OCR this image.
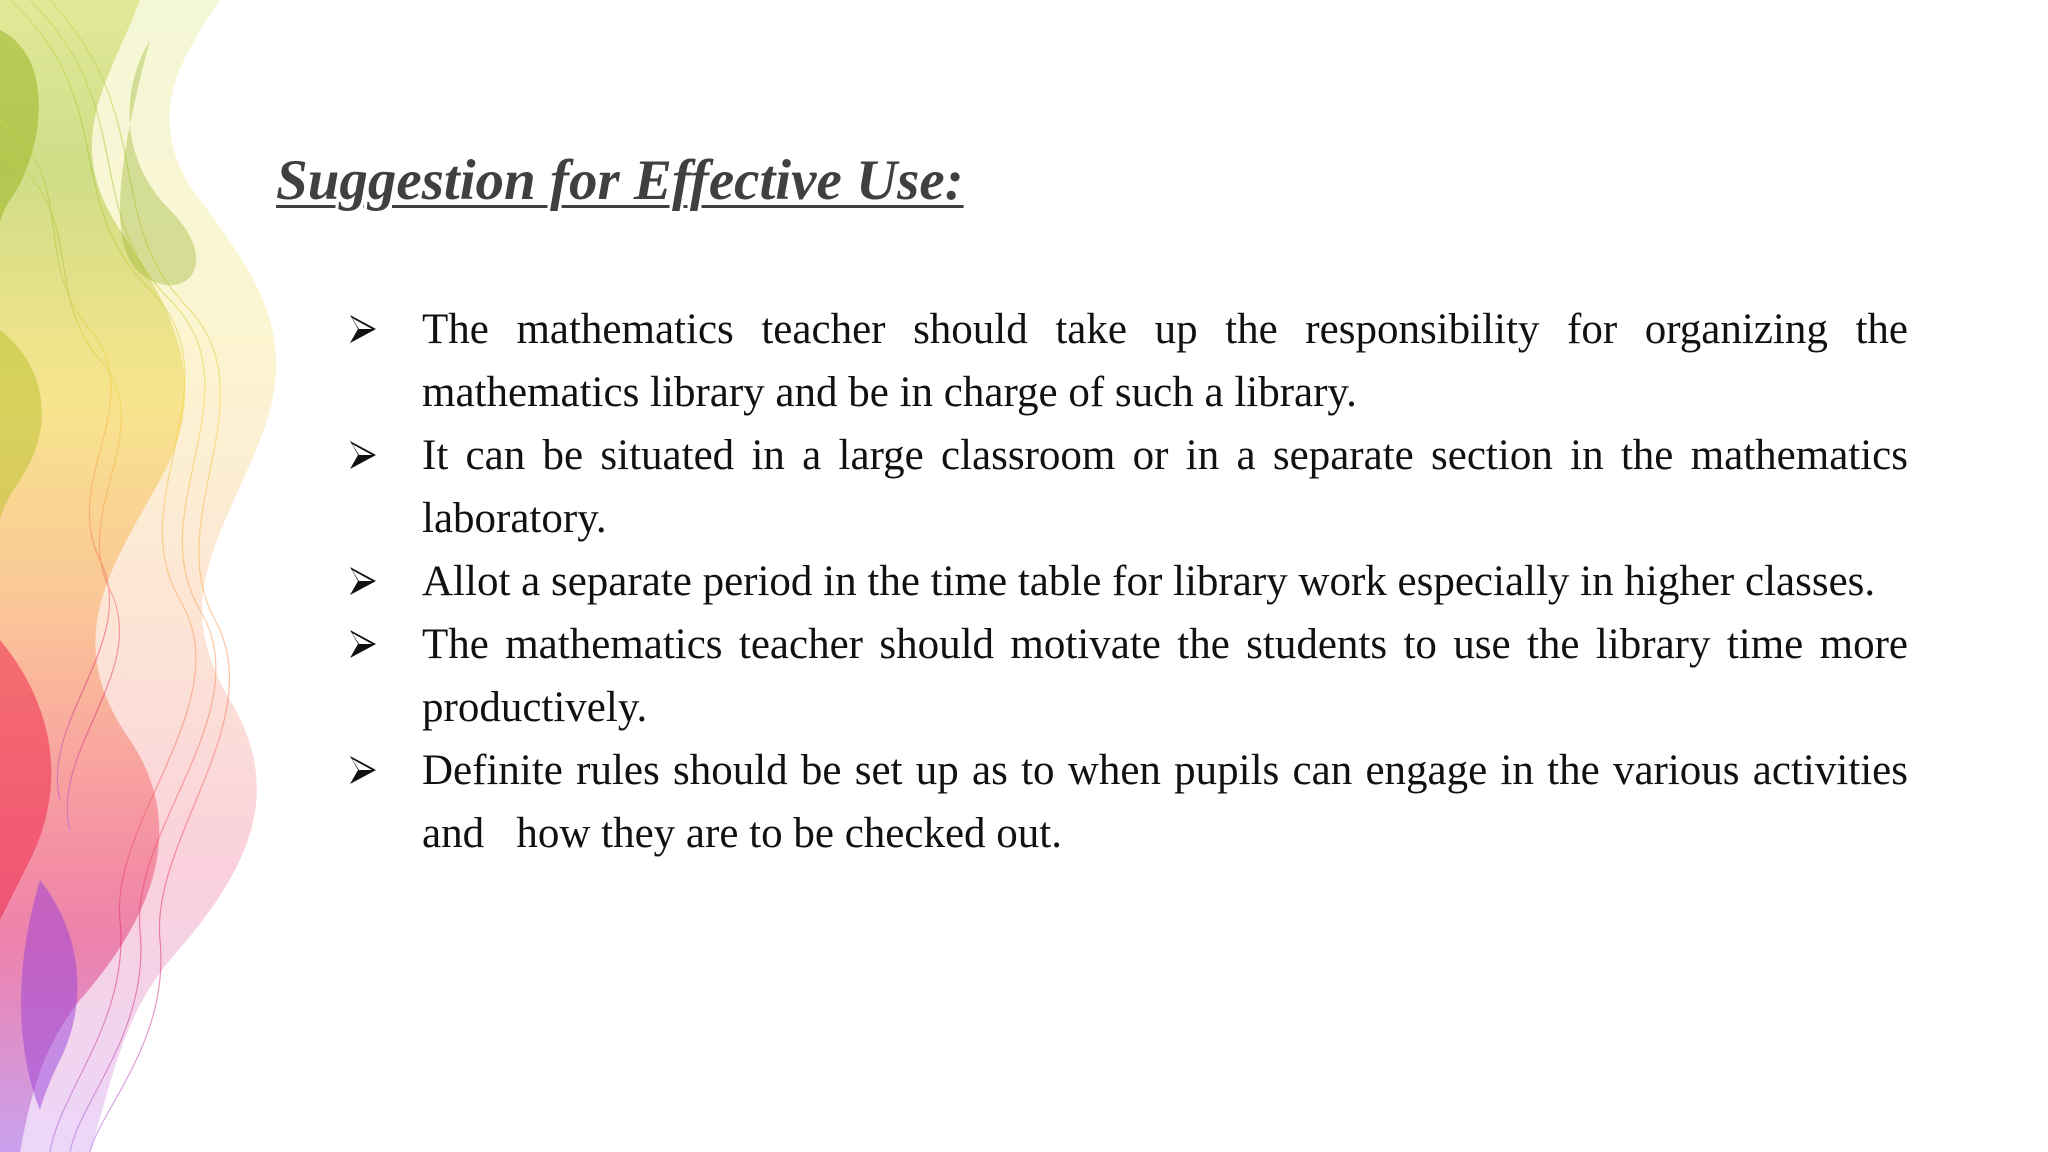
Suggestion for Effective Use:
The mathematics teacher should take up the responsibility for organizing the mathematics library and be in charge of such a library.
It can be situated in a large classroom or in a separate section in the mathematics laboratory.
Allot a separate period in the time table for library work especially in higher classes.
The mathematics teacher should motivate the students to use the library time more productively.
Definite rules should be set up as to when pupils can engage in the various activities and   how they are to be checked out.
